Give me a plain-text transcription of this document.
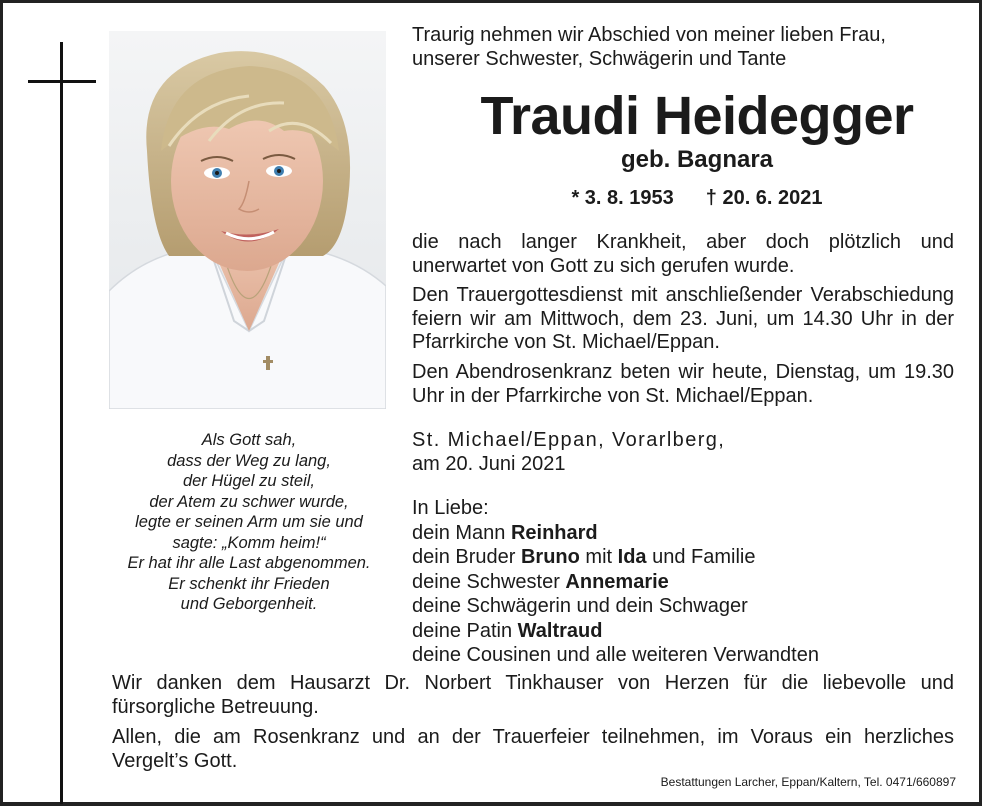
Als Gott sah,
dass der Weg zu lang,
der Hügel zu steil,
der Atem zu schwer wurde,
legte er seinen Arm um sie und
sagte: „Komm heim!“
Er hat ihr alle Last abgenommen.
Er schenkt ihr Frieden
und Geborgenheit.
Traurig nehmen wir Abschied von meiner lieben Frau,
unserer Schwester, Schwägerin und Tante
Traudi Heidegger
geb. Bagnara
* 3. 8. 1953 † 20. 6. 2021
die nach langer Krankheit, aber doch plötzlich und unerwartet von Gott zu sich gerufen wurde.
Den Trauergottesdienst mit anschließender Verabschiedung feiern wir am Mittwoch, dem 23. Juni, um 14.30 Uhr in der Pfarrkirche von St. Michael/Eppan.
Den Abendrosenkranz beten wir heute, Dienstag, um 19.30 Uhr in der Pfarrkirche von St. Michael/Eppan.
St. Michael/Eppan, Vorarlberg,
am 20. Juni 2021
In Liebe:
dein Mann Reinhard
dein Bruder Bruno mit Ida und Familie
deine Schwester Annemarie
deine Schwägerin und dein Schwager
deine Patin Waltraud
deine Cousinen und alle weiteren Verwandten
Wir danken dem Hausarzt Dr. Norbert Tinkhauser von Herzen für die liebevolle und fürsorgliche Betreuung.
Allen, die am Rosenkranz und an der Trauerfeier teilnehmen, im Voraus ein herzliches Vergelt’s Gott.
Bestattungen Larcher, Eppan/Kaltern, Tel. 0471/660897
